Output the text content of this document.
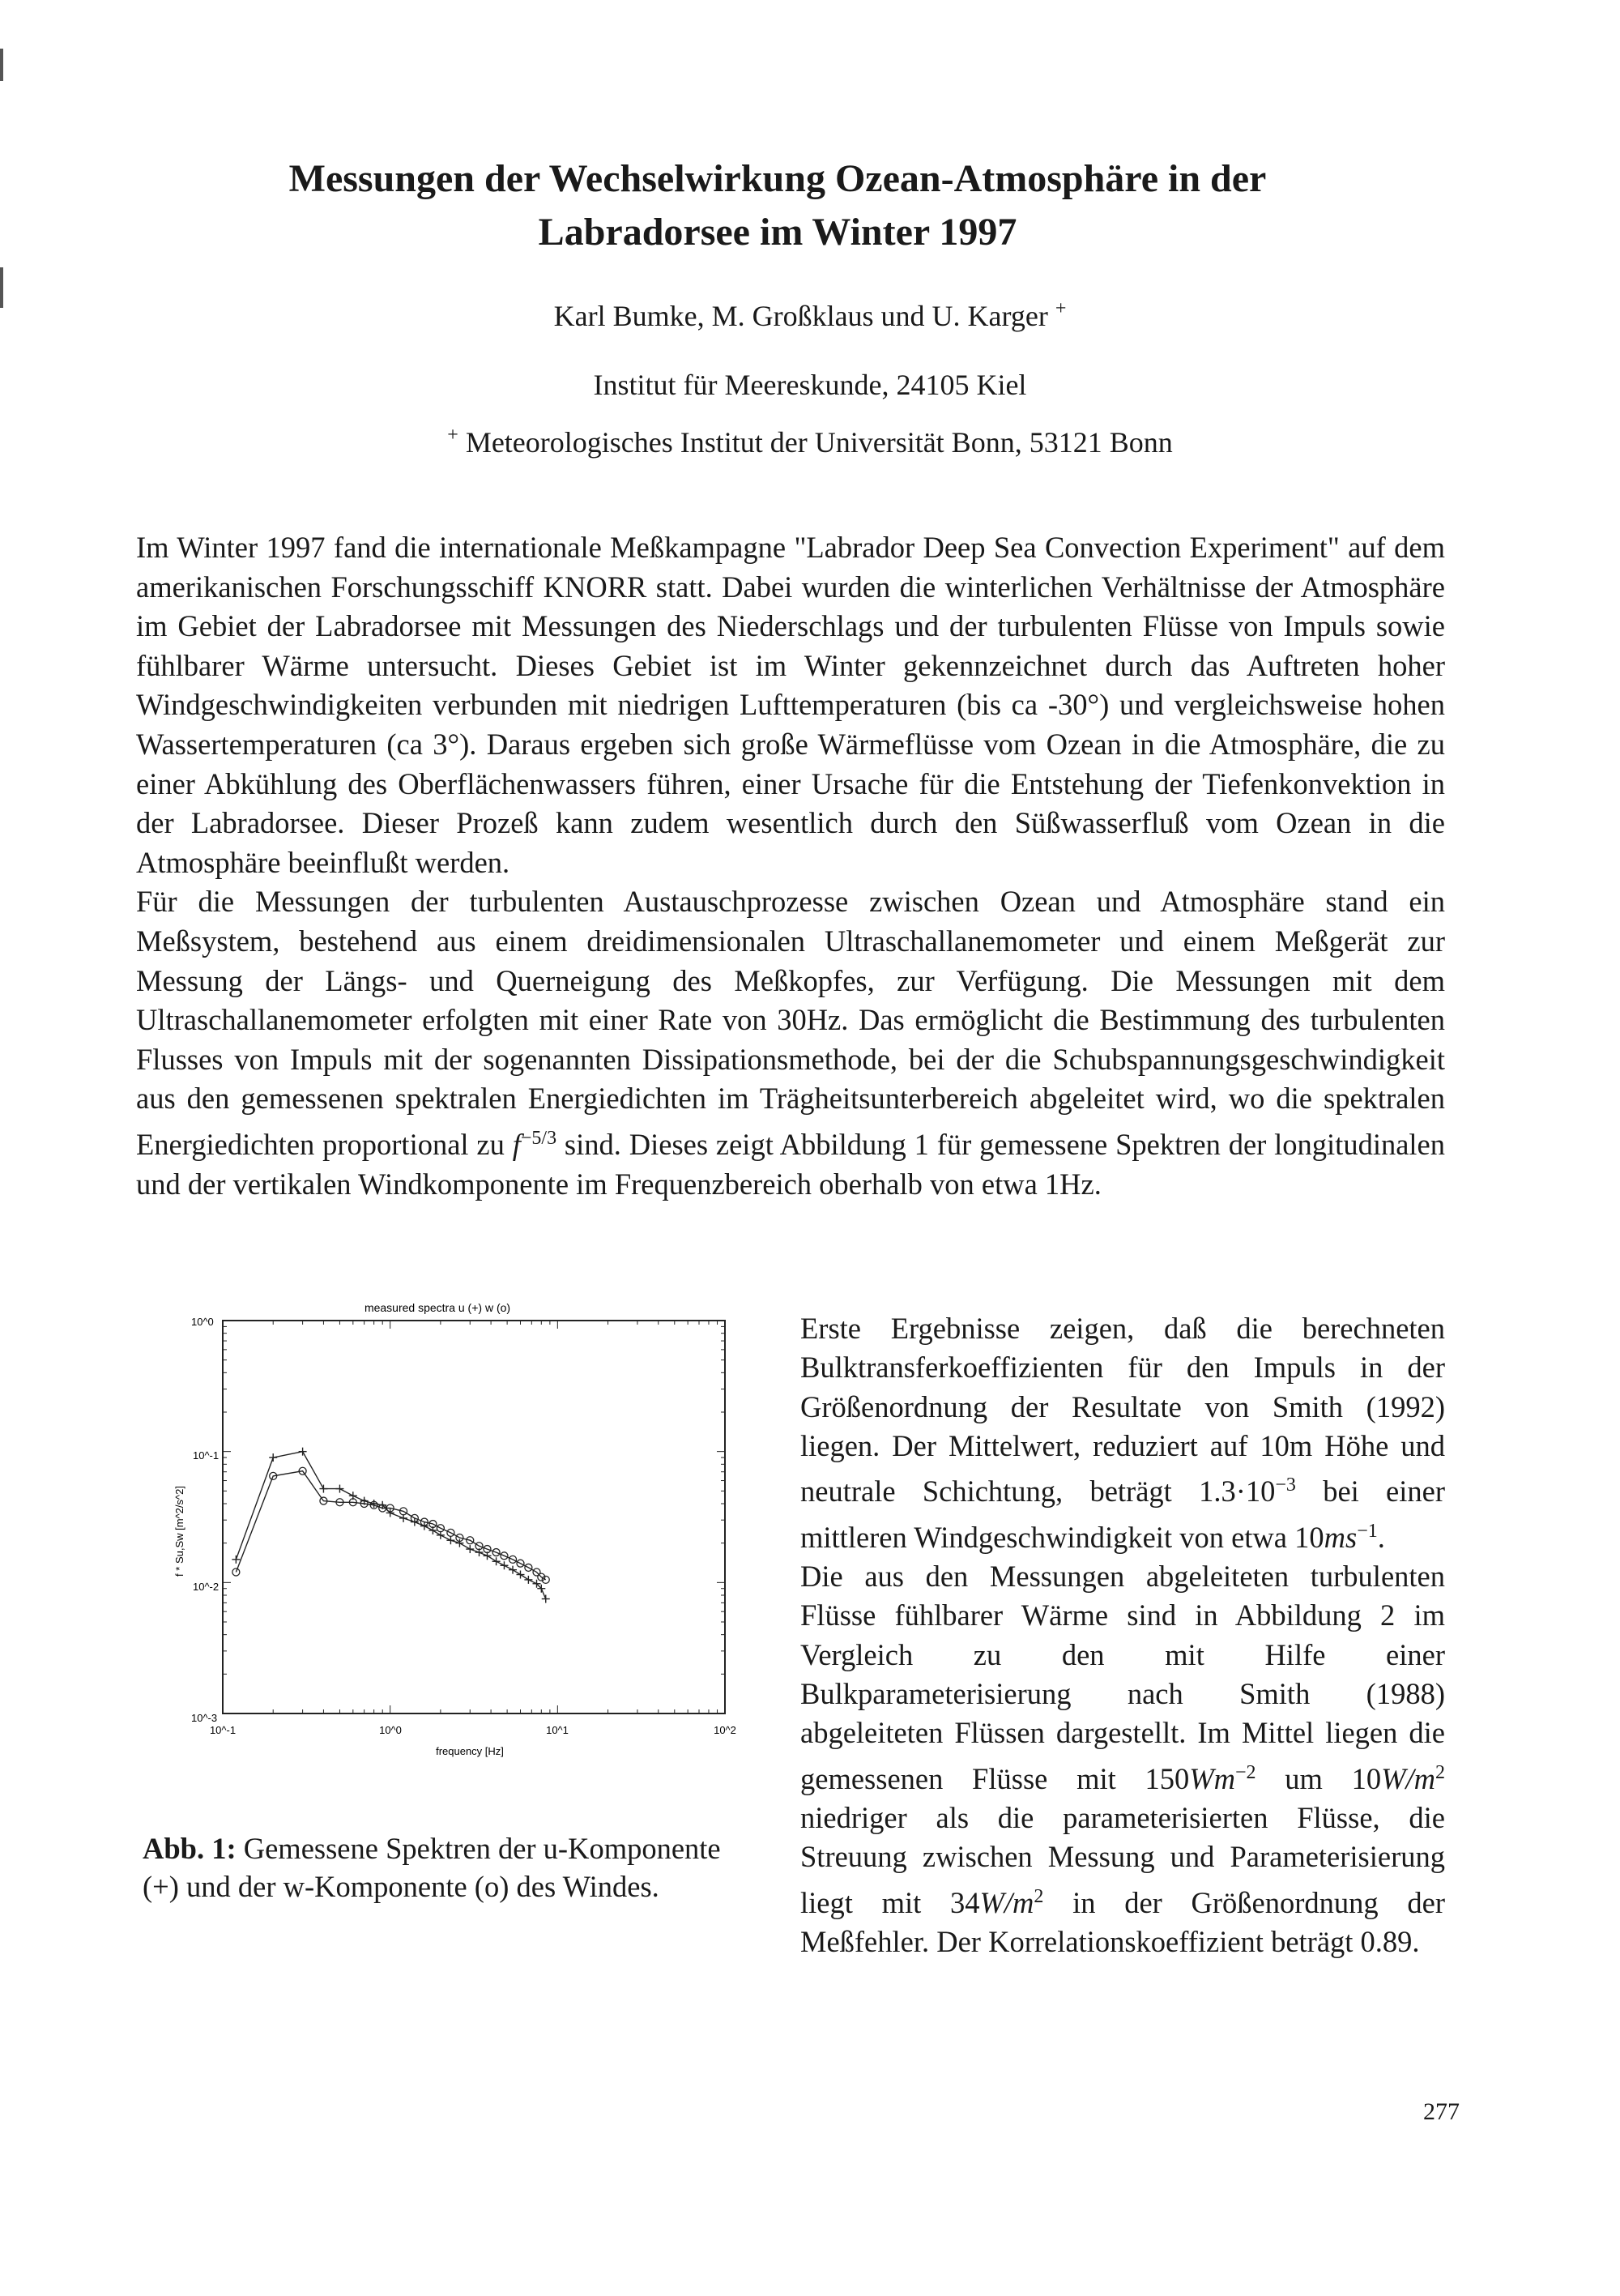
Messungen der Wechselwirkung Ozean-Atmosphäre in der
Labradorsee im Winter 1997
Karl Bumke, M. Großklaus und U. Karger +
Institut für Meereskunde, 24105 Kiel
+ Meteorologisches Institut der Universität Bonn, 53121 Bonn

Im Winter 1997 fand die internationale Meßkampagne "Labrador Deep Sea Convection Experiment" auf dem amerikanischen Forschungsschiff KNORR statt. Dabei wurden die winterlichen Verhältnisse der Atmosphäre im Gebiet der Labradorsee mit Messungen des Niederschlags und der turbulenten Flüsse von Impuls sowie fühlbarer Wärme untersucht. Dieses Gebiet ist im Winter gekennzeichnet durch das Auftreten hoher Windgeschwindigkeiten verbunden mit niedrigen Lufttemperaturen (bis ca -30°) und vergleichsweise hohen Wassertemperaturen (ca 3°). Daraus ergeben sich große Wärmeflüsse vom Ozean in die Atmosphäre, die zu einer Abkühlung des Oberflächenwassers führen, einer Ursache für die Entstehung der Tiefenkonvektion in der Labradorsee. Dieser Prozeß kann zudem wesentlich durch den Süßwasserfluß vom Ozean in die Atmosphäre beeinflußt werden.

Für die Messungen der turbulenten Austauschprozesse zwischen Ozean und Atmosphäre stand ein Meßsystem, bestehend aus einem dreidimensionalen Ultraschallanemometer und einem Meßgerät zur Messung der Längs- und Querneigung des Meßkopfes, zur Verfügung. Die Messungen mit dem Ultraschallanemometer erfolgten mit einer Rate von 30Hz. Das ermöglicht die Bestimmung des turbulenten Flusses von Impuls mit der sogenannten Dissipationsmethode, bei der die Schubspannungsgeschwindigkeit aus den gemessenen spektralen Energiedichten im Trägheitsunterbereich abgeleitet wird, wo die spektralen Energiedichten proportional zu $f^{-5/3}$ sind. Dieses zeigt Abbildung 1 für gemessene Spektren der longitudinalen und der vertikalen Windkomponente im Frequenzbereich oberhalb von etwa 1Hz.

measured spectra u (+) w (o)
10^0
10^-1
10^-2
10^-3
10^-1	10^0	10^1	10^2
frequency [Hz]
f * Su,Sw [m^2/s^2]
Abb. 1: Gemessene Spektren der u-Komponente (+) und der w-Komponente (o) des Windes.

Erste Ergebnisse zeigen, daß die berechneten Bulktransferkoeffizienten für den Impuls in der Größenordnung der Resultate von Smith (1992) liegen. Der Mittelwert, reduziert auf 10m Höhe und neutrale Schichtung, beträgt $1.3\cdot 10^{-3}$ bei einer mittleren Windgeschwindigkeit von etwa $10ms^{-1}$.

Die aus den Messungen abgeleiteten turbulenten Flüsse fühlbarer Wärme sind in Abbildung 2 im Vergleich zu den mit Hilfe einer Bulkparameterisierung nach Smith (1988) abgeleiteten Flüssen dargestellt. Im Mittel liegen die gemessenen Flüsse mit $150Wm^{-2}$ um $10W/m^2$ niedriger als die parameterisierten Flüsse, die Streuung zwischen Messung und Parameterisierung liegt mit $34W/m^2$ in der Größenordnung der Meßfehler. Der Korrelationskoeffizient beträgt 0.89.

277
